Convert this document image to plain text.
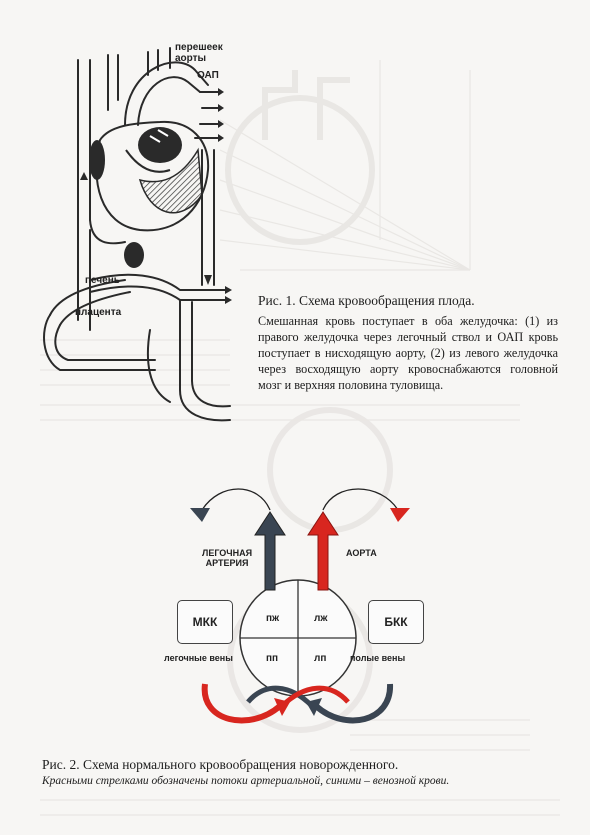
перешеек
аорты
ОАП
печень
плацента
Рис. 1. Схема кровообращения плода.
Смешанная кровь поступает в оба желудочка: (1) из правого желудочка через легочный ствол и ОАП кровь поступает в нисходящую аорту, (2) из левого желудочка через восходящую аорту кровоснабжаются головной мозг и верхняя половина туловища.
ЛЕГОЧНАЯ
АРТЕРИЯ
АОРТА
МКК	БКК
пж	лж
пп	лп
легочные вены	полые вены
Рис. 2. Схема нормального кровообращения новорожденного.
Красными стрелками обозначены потоки артериальной, синими – венозной крови.
